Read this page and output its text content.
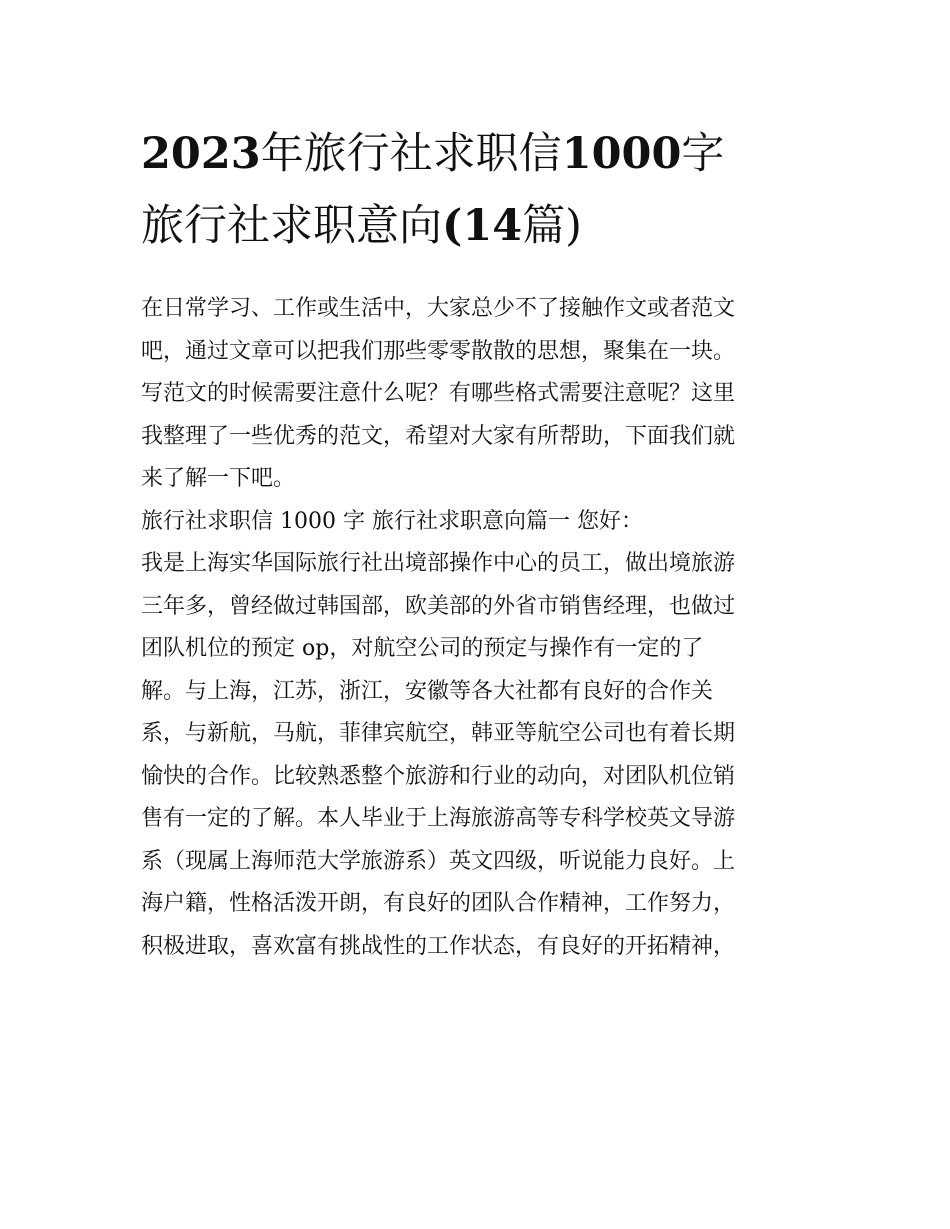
2023年旅行社求职信1000字
旅行社求职意向(14篇)

在日常学习、工作或生活中，大家总少不了接触作文或者范文
吧，通过文章可以把我们那些零零散散的思想，聚集在一块。
写范文的时候需要注意什么呢？有哪些格式需要注意呢？这里
我整理了一些优秀的范文，希望对大家有所帮助，下面我们就
来了解一下吧。

旅行社求职信 1000 字 旅行社求职意向篇一 您好：

我是上海实华国际旅行社出境部操作中心的员工，做出境旅游
三年多，曾经做过韩国部，欧美部的外省市销售经理，也做过
团队机位的预定 op，对航空公司的预定与操作有一定的了
解。与上海，江苏，浙江，安徽等各大社都有良好的合作关
系，与新航，马航，菲律宾航空，韩亚等航空公司也有着长期
愉快的合作。比较熟悉整个旅游和行业的动向，对团队机位销
售有一定的了解。本人毕业于上海旅游高等专科学校英文导游
系（现属上海师范大学旅游系）英文四级，听说能力良好。上
海户籍，性格活泼开朗，有良好的团队合作精神，工作努力，
积极进取，喜欢富有挑战性的工作状态，有良好的开拓精神，
